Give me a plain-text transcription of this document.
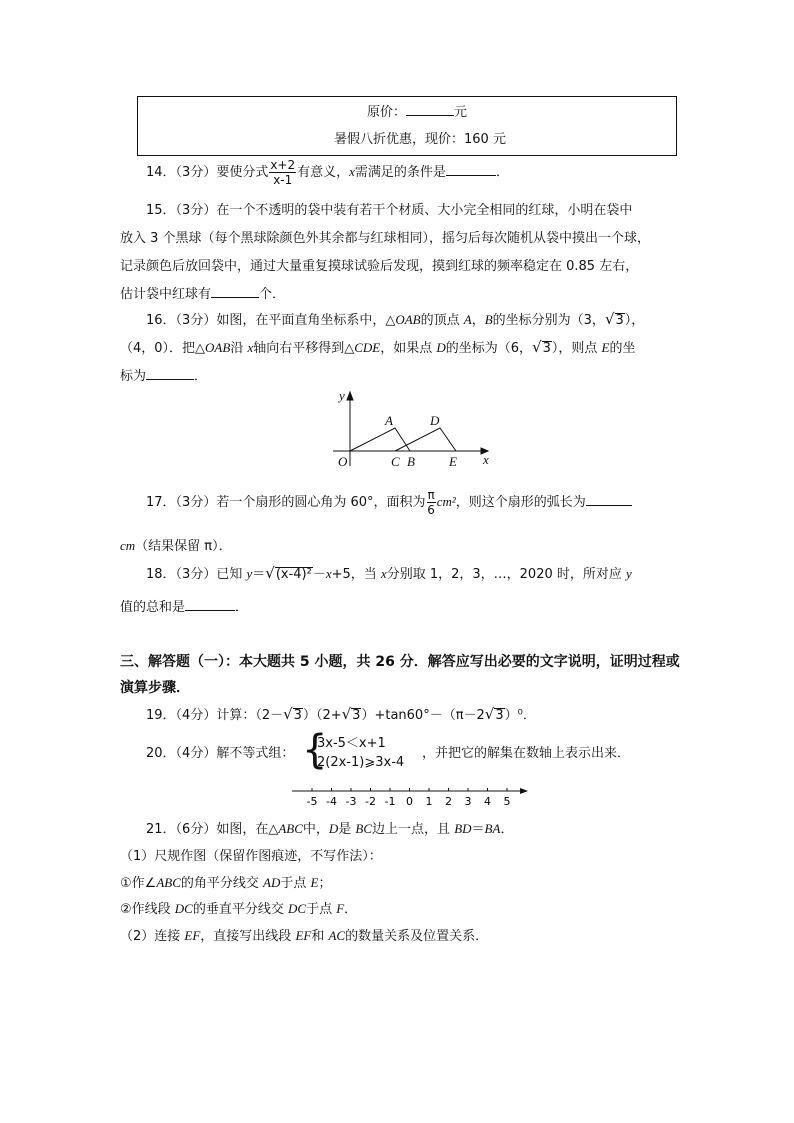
原价：	元
暑假八折优惠，现价：160 元
14．（3分）要使分式 $\frac{x+2}{x-1}$ 有意义，x需满足的条件是	．
15．（3分）在一个不透明的袋中装有若干个材质、大小完全相同的红球，小明在袋中
放入 3 个黑球（每个黑球除颜色外其余都与红球相同），摇匀后每次随机从袋中摸出一个球，
记录颜色后放回袋中，通过大量重复摸球试验后发现，摸到红球的频率稳定在 0.85 左右，
估计袋中红球有	个．
16．（3分）如图，在平面直角坐标系中，△OAB的顶点 A，B的坐标分别为（3，√3），
（4，0）．把△OAB沿 x轴向右平移得到△CDE，如果点 D的坐标为（6，√3），则点 E的坐
标为	．
y
x
O
A
C B
D
E
17．（3分）若一个扇形的圆心角为 60°，面积为 $\frac{\pi}{6} cm^2$，则这个扇形的弧长为
cm（结果保留 π）．
18．（3分）已知 y＝√(x-4)²－x+5，当 x分别取 1，2，3，…，2020 时，所对应 y
值的总和是	．
三、解答题（一）：本大题共 5 小题，共 26 分．解答应写出必要的文字说明，证明过程或
演算步骤．
19．（4分）计算：（2－√3）（2+√3）+tan60°－（π－2√3）⁰．
20．（4分）解不等式组： {
3x-5＜x+1
2(2x-1)⩾3x-4
，并把它的解集在数轴上表示出来．
-5 -4 -3 -2 -1 0 1 2 3 4 5
21．（6分）如图，在△ABC中，D是 BC边上一点，且 BD＝BA．
（1）尺规作图（保留作图痕迹，不写作法）：
①作∠ABC的角平分线交 AD于点 E；
②作线段 DC的垂直平分线交 DC于点 F．
（2）连接 EF，直接写出线段 EF和 AC的数量关系及位置关系．
